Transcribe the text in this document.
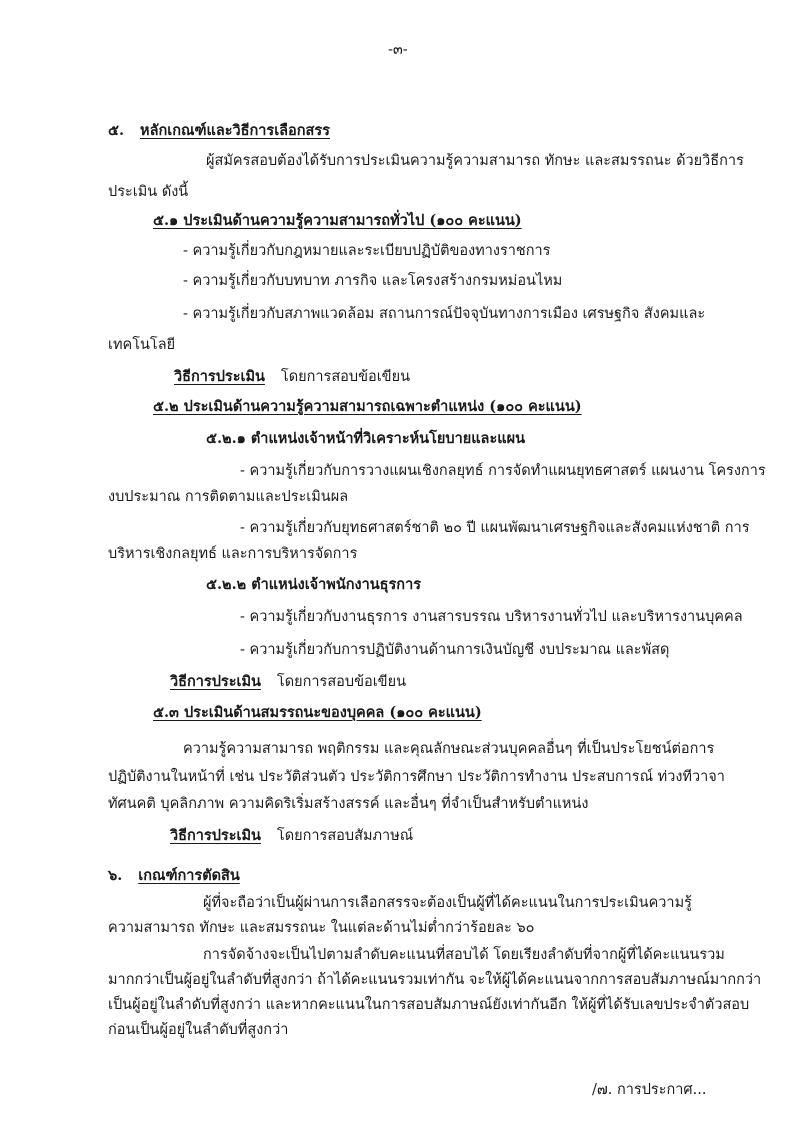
-๓-
๕. หลักเกณฑ์และวิธีการเลือกสรร
ผู้สมัครสอบต้องได้รับการประเมินความรู้ความสามารถ ทักษะ และสมรรถนะ ด้วยวิธีการ
ประเมิน ดังนี้
๕.๑ ประเมินด้านความรู้ความสามารถทั่วไป (๑๐๐ คะแนน)
- ความรู้เกี่ยวกับกฎหมายและระเบียบปฏิบัติของทางราชการ
- ความรู้เกี่ยวกับบทบาท ภารกิจ และโครงสร้างกรมหม่อนไหม
- ความรู้เกี่ยวกับสภาพแวดล้อม สถานการณ์ปัจจุบันทางการเมือง เศรษฐกิจ สังคมและ
เทคโนโลยี
วิธีการประเมิน โดยการสอบข้อเขียน
๕.๒ ประเมินด้านความรู้ความสามารถเฉพาะตำแหน่ง (๑๐๐ คะแนน)
๕.๒.๑ ตำแหน่งเจ้าหน้าที่วิเคราะห์นโยบายและแผน
- ความรู้เกี่ยวกับการวางแผนเชิงกลยุทธ์ การจัดทำแผนยุทธศาสตร์ แผนงาน โครงการ
งบประมาณ การติดตามและประเมินผล
- ความรู้เกี่ยวกับยุทธศาสตร์ชาติ ๒๐ ปี แผนพัฒนาเศรษฐกิจและสังคมแห่งชาติ การ
บริหารเชิงกลยุทธ์ และการบริหารจัดการ
๕.๒.๒ ตำแหน่งเจ้าพนักงานธุรการ
- ความรู้เกี่ยวกับงานธุรการ งานสารบรรณ บริหารงานทั่วไป และบริหารงานบุคคล
- ความรู้เกี่ยวกับการปฏิบัติงานด้านการเงินบัญชี งบประมาณ และพัสดุ
วิธีการประเมิน โดยการสอบข้อเขียน
๕.๓ ประเมินด้านสมรรถนะของบุคคล (๑๐๐ คะแนน)
ความรู้ความสามารถ พฤติกรรม และคุณลักษณะส่วนบุคคลอื่นๆ ที่เป็นประโยชน์ต่อการ
ปฏิบัติงานในหน้าที่ เช่น ประวัติส่วนตัว ประวัติการศึกษา ประวัติการทำงาน ประสบการณ์ ท่วงทีวาจา
ทัศนคติ บุคลิกภาพ ความคิดริเริ่มสร้างสรรค์ และอื่นๆ ที่จำเป็นสำหรับตำแหน่ง
วิธีการประเมิน โดยการสอบสัมภาษณ์
๖. เกณฑ์การตัดสิน
ผู้ที่จะถือว่าเป็นผู้ผ่านการเลือกสรรจะต้องเป็นผู้ที่ได้คะแนนในการประเมินความรู้
ความสามารถ ทักษะ และสมรรถนะ ในแต่ละด้านไม่ต่ำกว่าร้อยละ ๖๐
การจัดจ้างจะเป็นไปตามลำดับคะแนนที่สอบได้ โดยเรียงลำดับที่จากผู้ที่ได้คะแนนรวม
มากกว่าเป็นผู้อยู่ในลำดับที่สูงกว่า ถ้าได้คะแนนรวมเท่ากัน จะให้ผู้ได้คะแนนจากการสอบสัมภาษณ์มากกว่า
เป็นผู้อยู่ในลำดับที่สูงกว่า และหากคะแนนในการสอบสัมภาษณ์ยังเท่ากันอีก ให้ผู้ที่ได้รับเลขประจำตัวสอบ
ก่อนเป็นผู้อยู่ในลำดับที่สูงกว่า
/๗. การประกาศ...
